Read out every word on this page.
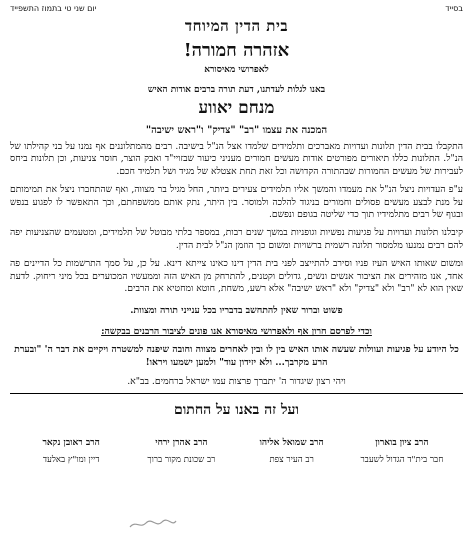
בסייד
יום שני טי בתמוז התשפייד
בית הדין המיוחד
אזהרה חמורה!
לאפרושי מאיסורא
באנו לגלות לעדתנו, דעת תורה ברבים אודות האיש
מנחם יאווע
המכנה את עצמו "רב" "צדיק" ו"ראש ישיבה"

התקבלו בבית הדין תלונות ועדויות מאברכים ותלמידים שלמדו אצל הנ"ל בישיבה. רבים מהמתלוננים אף נמנו על בני קהילתו של הנ"ל. התלונות כללו תיאורים מפורטים אודות מעשים חמורים מעניני כיעור שבזויי"ד ואבק הוצר, חוסר צניעות, וכן תלונות ביחס לעבירות של מעשים החמורות שבהתורה הקדושה וכל זאת תחת אצטלא של מגיד ושל תלמיד חכם.

ע"פ העדויות ניצל הנ"ל את מעמדו והמשך אליו תלמידים צעירים ביותר, החל מגיל בר מצווה, ואף שהתחברו ניצל את תמימותם על מנת לבצע מעשים פסולים וחמורים בניגוד להלכה ולמוסר. בין היתר, נתק אותם ממשפחתם, וכך התאפשר לו לפגוע בנפש ובגוף של רבים מתלמידיו תוך כדי שליטה בגופם ונפשם.

קיבלנו תלונות ועדויות על פגיעות נפשיות וגופניות במשך שנים רבות, במספר בלתי מבוטל של תלמידים, ומטעמים שהצניעות יפה להם רבים נמנעו מלמסור תלונה רשמית ברשויות ומשום כך הוזמן הנ"ל לבית הדין.

ומשום שאותו האיש העיז פניו וסירב להתייצב לפני בית הדין דינו כאינו צייתא דינא. על כן, על סמך התרשמות כל הדיינים פה אחד, אנו מזהירים את הציבור אנשים ונשים, גדולים וקטנים, להתרחק מן האיש הזה וממעשיו המכוערים בכל מיני ריחוק. לדעת שאין הוא לא "רב" ולא "צדיק" ולא "ראש ישיבה" אלא רשע, משחת, חוטא ומחטיא את הרבים.

פשוט וברור שאין להתחשב בדבריו בכל ענייני תורה ומצוות.
וכדי לפרסם חרון אף ולאפרושי מאיסורא אנו פונים לציבור הרבנים בבקשה:
כל היודע על פגיעות ועוולות שעשה אותו האיש בין לו ובין לאחרים מצווה וחובה שיפנה למשטרה ויקיים את דבר ה' "ובערת הרע מקרבך... ולא יזידון עוד" ולמען ישמעו ויראו!
ויהי רצון שיגדור ה' יתברך פרצות עמו ישראל ברחמים. בב"א.
ועל זה באנו על החתום
הרב ציון בוארון
חבר בית"ד הגדול לשעבר
הרב שמואל אליהו
רב העיר צפת
הרב אהרן ירחי
רב שכונת מקור ברוך
הרב ראובן נקאר
דיין ומו"ץ באלעד
